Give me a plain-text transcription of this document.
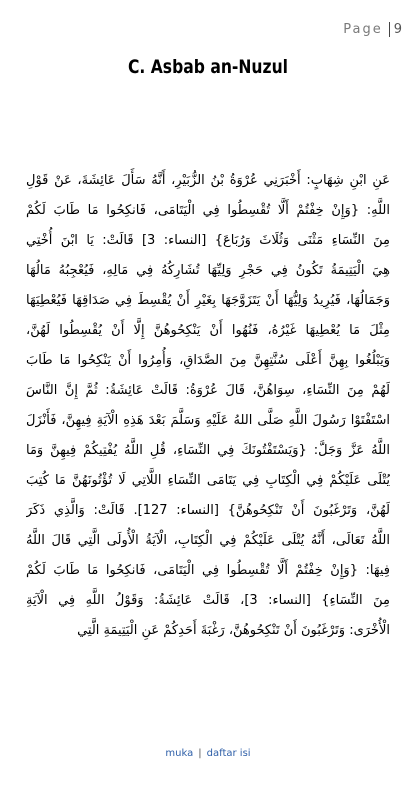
Page 9
C. Asbab an-Nuzul
عَنِ ابْنِ شِهَابٍ: أَخْبَرَنِي عُرْوَةُ بْنُ الزُّبَيْرِ، أَنَّهُ سَأَلَ عَائِشَةَ، عَنْ قَوْلِ
اللَّهِ: {وَإِنْ خِفْتُمْ أَلَّا تُقْسِطُوا فِي الْيَتَامَى، فَانكِحُوا مَا طَابَ لَكُمْ
مِنَ النِّسَاءِ مَثْنَى وَثُلَاثَ وَرُبَاعَ} [النساء: 3] قَالَتْ: يَا ابْنَ أُخْتِي
هِيَ الْيَتِيمَةُ تَكُونُ فِي حَجْرِ وَلِيِّهَا تُشَارِكُهُ فِي مَالِهِ، فَيُعْجِبُهُ مَالُهَا
وَجَمَالُهَا، فَيُرِيدُ وَلِيُّهَا أَنْ يَتَزَوَّجَهَا بِغَيْرِ أَنْ يُقْسِطَ فِي صَدَاقِهَا فَيُعْطِيَهَا
مِثْلَ مَا يُعْطِيهَا غَيْرُهُ، فَنُهُوا أَنْ يَنْكِحُوهُنَّ إِلَّا أَنْ يُقْسِطُوا لَهُنَّ،
وَيَبْلُغُوا بِهِنَّ أَعْلَى سُنَّتِهِنَّ مِنَ الصَّدَاقِ، وَأُمِرُوا أَنْ يَنْكِحُوا مَا طَابَ
لَهُمْ مِنَ النِّسَاءِ، سِوَاهُنَّ، قَالَ عُرْوَةُ: قَالَتْ عَائِشَةُ: ثُمَّ إِنَّ النَّاسَ
اسْتَفْتَوْا رَسُولَ اللَّهِ صَلَّى اللهُ عَلَيْهِ وَسَلَّمَ بَعْدَ هَذِهِ الْآيَةِ فِيهِنَّ، فَأَنْزَلَ
اللَّهُ عَزَّ وَجَلَّ: {وَيَسْتَفْتُونَكَ فِي النِّسَاءِ، قُلِ اللَّهُ يُفْتِيكُمْ فِيهِنَّ وَمَا
يُتْلَى عَلَيْكُمْ فِي الْكِتَابِ فِي يَتَامَى النِّسَاءِ اللَّاتِي لَا تُؤْتُونَهُنَّ مَا كُتِبَ
لَهُنَّ، وَتَرْغَبُونَ أَنْ تَنْكِحُوهُنَّ} [النساء: 127]. قَالَتْ: وَالَّذِي ذَكَرَ
اللَّهُ تَعَالَى، أَنَّهُ يُتْلَى عَلَيْكُمْ فِي الْكِتَابِ، الْآيَةُ الْأُولَى الَّتِي قَالَ اللَّهُ
فِيهَا: {وَإِنْ خِفْتُمْ أَلَّا تُقْسِطُوا فِي الْيَتَامَى، فَانكِحُوا مَا طَابَ لَكُمْ
مِنَ النِّسَاءِ} [النساء: 3]، قَالَتْ عَائِشَةُ: وَقَوْلُ اللَّهِ فِي الْآيَةِ
الْأُخْرَى: وَتَرْغَبُونَ أَنْ تَنْكِحُوهُنَّ، رَغْبَةَ أَحَدِكُمْ عَنِ الْيَتِيمَةِ الَّتِي
muka | daftar isi
